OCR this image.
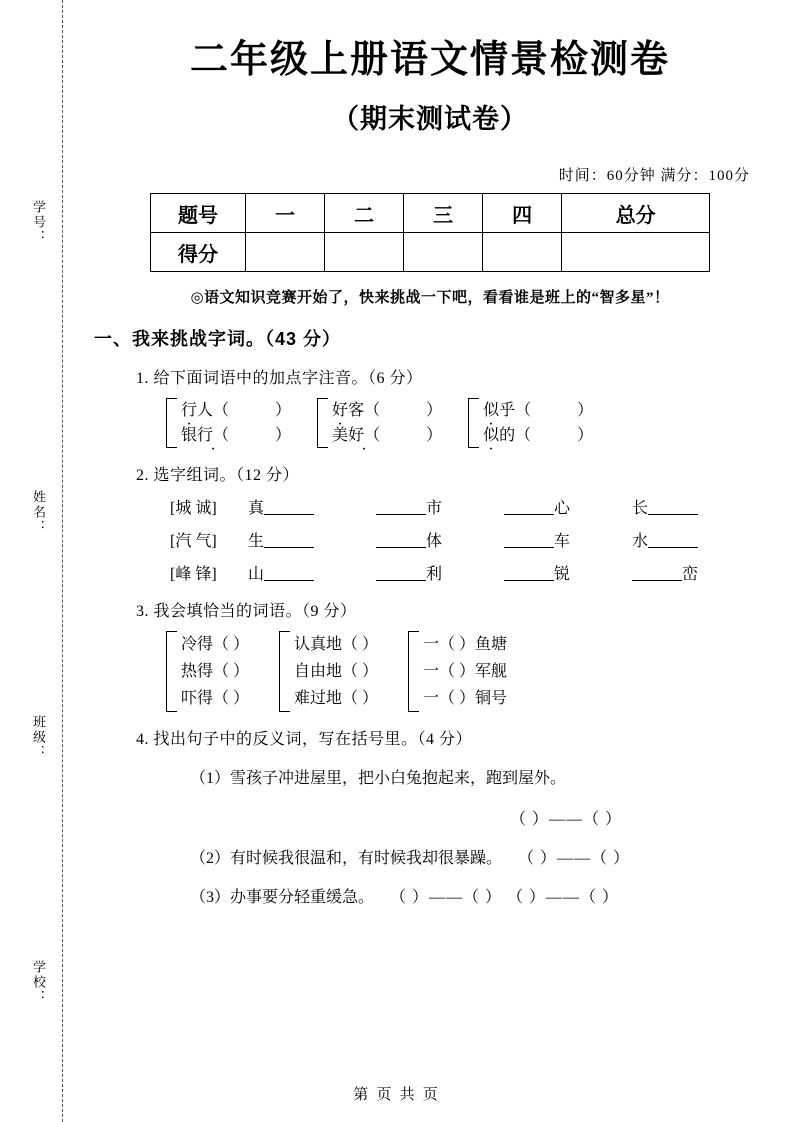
学号：
姓名：
班级：
学校：
二年级上册语文情景检测卷
（期末测试卷）
时间：60分钟 满分：100分
题号	一	二	三	四	总分
得分					
◎语文知识竞赛开始了，快来挑战一下吧，看看谁是班上的“智多星”！
一、我来挑战字词。（43 分）
1. 给下面词语中的加点字注音。（6 分）
行人（	）
银行（ ·	）
好客（	）
美好（ ·	）
似乎（	）
似的（	）
2. 选字组词。（12 分）
[城 诚]	真	市	心	长
[汽 气]	生	体	车	水
[峰 锋]	山	利	锐	峦
3. 我会填恰当的词语。（9 分）
冷得（ ）
热得（ ）
吓得（ ）
认真地（ ）
自由地（ ）
难过地（ ）
一（ ）鱼塘
一（ ）军舰
一（ ）铜号
4. 找出句子中的反义词，写在括号里。（4 分）
（1）雪孩子冲进屋里，把小白兔抱起来，跑到屋外。
（ ）——（ ）
（2）有时候我很温和，有时候我却很暴躁。 （ ）——（ ）
（3）办事要分轻重缓急。 （ ）——（ ） （ ）——（ ）
第 页 共 页
